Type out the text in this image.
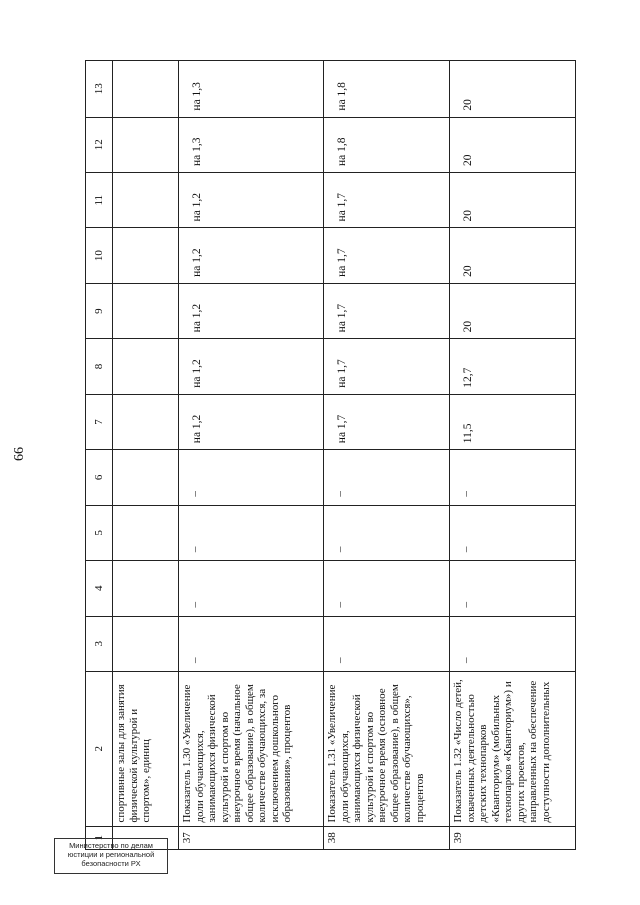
66
1	2	3	4	5	6	7	8	9	10	11	12	13
	спортивные залы для занятия физической культурой и спортом», единиц											
37	Показатель 1.30 «Увеличение доли обучающихся, занимающихся физической культурой и спортом во внеурочное время (начальное общее образование), в общем количестве обучающихся, за исключением дошкольного образования», процентов	–	–	–	–	на 1,2	на 1,2	на 1,2	на 1,2	на 1,2	на 1,3	на 1,3
38	Показатель 1.31 «Увеличение доли обучающихся, занимающихся физической культурой и спортом во внеурочное время (основное общее образование), в общем количестве обучающихся», процентов	–	–	–	–	на 1,7	на 1,7	на 1,7	на 1,7	на 1,7	на 1,8	на 1,8
39	Показатель 1.32 «Число детей, охваченных деятельностью детских технопарков «Кванториум» (мобильных технопарков «Кванториум») и других проектов, направленных на обеспечение доступности дополнительных	–	–	–	–	11,5	12,7	20	20	20	20	20
Министерство по делам юстиции и региональной безопасности РХ
